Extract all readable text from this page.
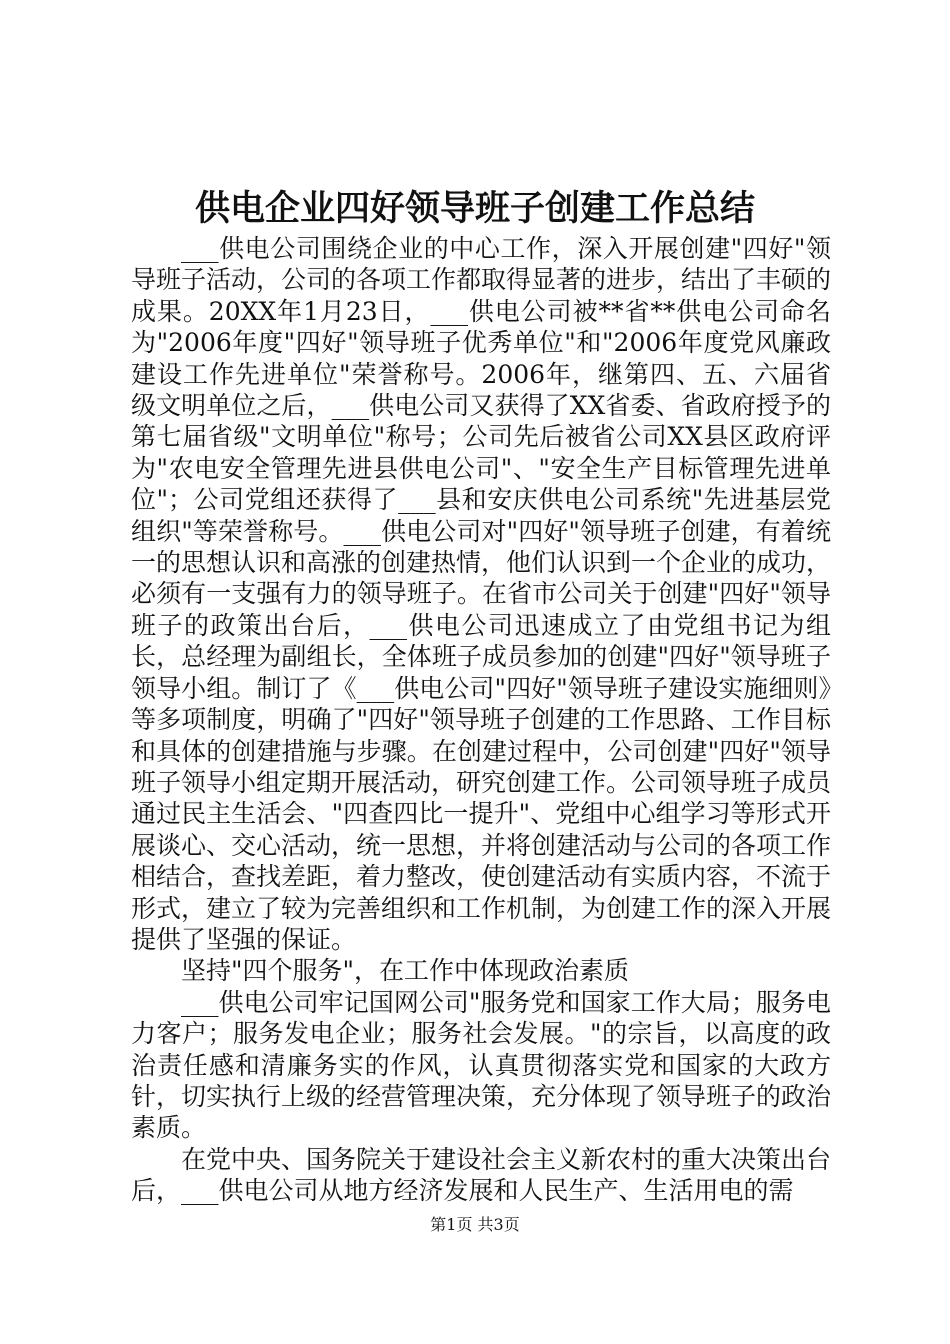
供电企业四好领导班子创建工作总结

___供电公司围绕企业的中心工作，深入开展创建"四好"领导班子活动，公司的各项工作都取得显著的进步，结出了丰硕的成果。20XX年1月23日，___供电公司被**省**供电公司命名为"2006年度"四好"领导班子优秀单位"和"2006年度党风廉政建设工作先进单位"荣誉称号。2006年，继第四、五、六届省级文明单位之后，___供电公司又获得了XX省委、省政府授予的第七届省级"文明单位"称号；公司先后被省公司XX县区政府评为"农电安全管理先进县供电公司"、"安全生产目标管理先进单位"；公司党组还获得了___县和安庆供电公司系统"先进基层党组织"等荣誉称号。___供电公司对"四好"领导班子创建，有着统一的思想认识和高涨的创建热情，他们认识到一个企业的成功，必须有一支强有力的领导班子。在省市公司关于创建"四好"领导班子的政策出台后，___供电公司迅速成立了由党组书记为组长，总经理为副组长，全体班子成员参加的创建"四好"领导班子领导小组。制订了《___供电公司"四好"领导班子建设实施细则》等多项制度，明确了"四好"领导班子创建的工作思路、工作目标和具体的创建措施与步骤。在创建过程中，公司创建"四好"领导班子领导小组定期开展活动，研究创建工作。公司领导班子成员通过民主生活会、"四查四比一提升"、党组中心组学习等形式开展谈心、交心活动，统一思想，并将创建活动与公司的各项工作相结合，查找差距，着力整改，使创建活动有实质内容，不流于形式，建立了较为完善组织和工作机制，为创建工作的深入开展提供了坚强的保证。

坚持"四个服务"，在工作中体现政治素质

___供电公司牢记国网公司"服务党和国家工作大局；服务电力客户；服务发电企业；服务社会发展。"的宗旨，以高度的政治责任感和清廉务实的作风，认真贯彻落实党和国家的大政方针，切实执行上级的经营管理决策，充分体现了领导班子的政治素质。

在党中央、国务院关于建设社会主义新农村的重大决策出台后，___供电公司从地方经济发展和人民生产、生活用电的需

第1页 共3页
